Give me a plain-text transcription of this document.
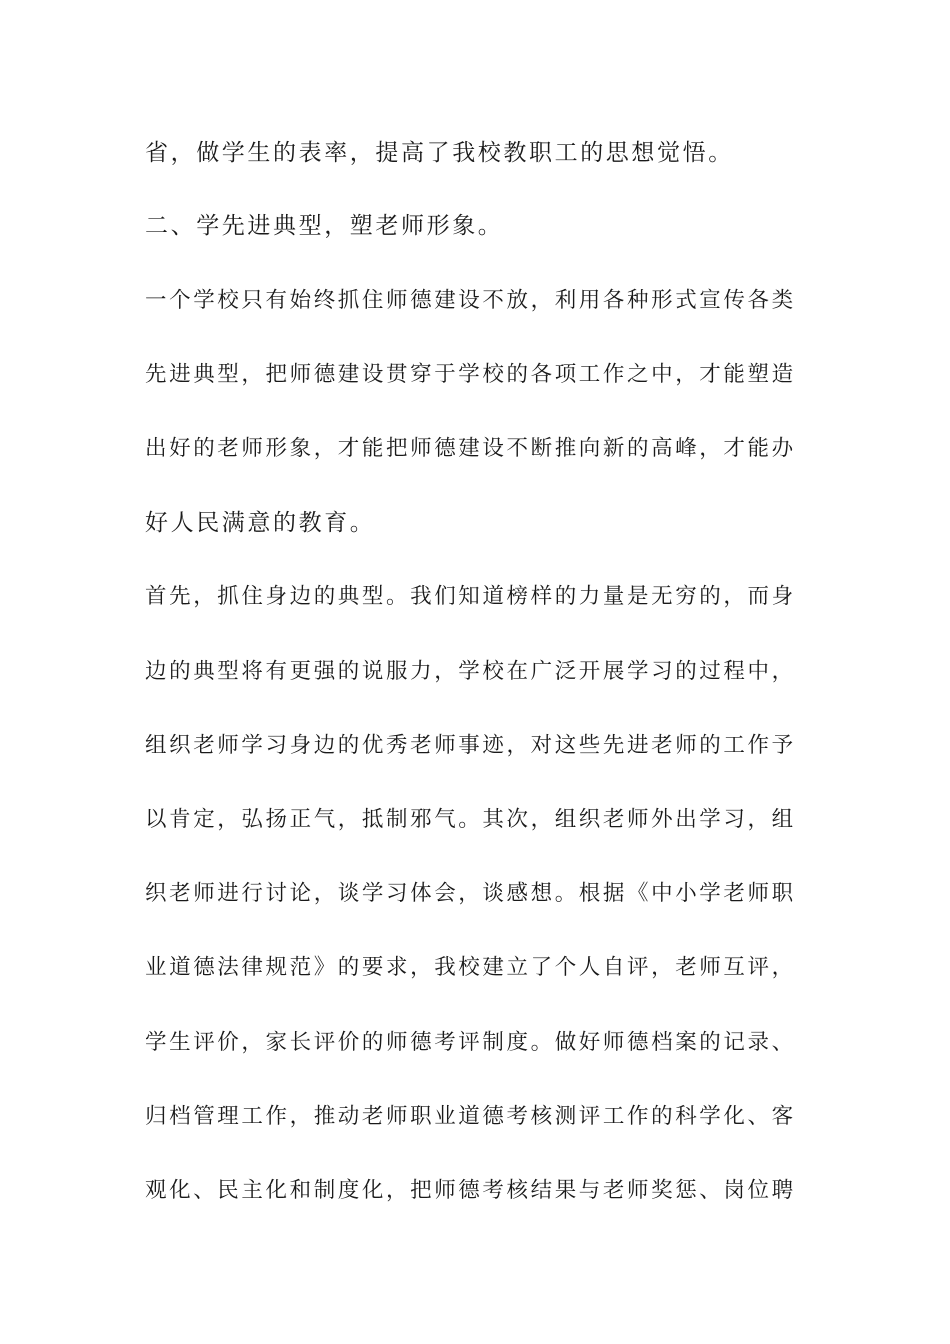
省，做学生的表率，提高了我校教职工的思想觉悟。
二、学先进典型，塑老师形象。
一个学校只有始终抓住师德建设不放，利用各种形式宣传各类
先进典型，把师德建设贯穿于学校的各项工作之中，才能塑造
出好的老师形象，才能把师德建设不断推向新的高峰，才能办
好人民满意的教育。
首先，抓住身边的典型。我们知道榜样的力量是无穷的，而身
边的典型将有更强的说服力，学校在广泛开展学习的过程中，
组织老师学习身边的优秀老师事迹，对这些先进老师的工作予
以肯定，弘扬正气，抵制邪气。其次，组织老师外出学习，组
织老师进行讨论，谈学习体会，谈感想。根据《中小学老师职
业道德法律规范》的要求，我校建立了个人自评，老师互评，
学生评价，家长评价的师德考评制度。做好师德档案的记录、
归档管理工作，推动老师职业道德考核测评工作的科学化、客
观化、民主化和制度化，把师德考核结果与老师奖惩、岗位聘
